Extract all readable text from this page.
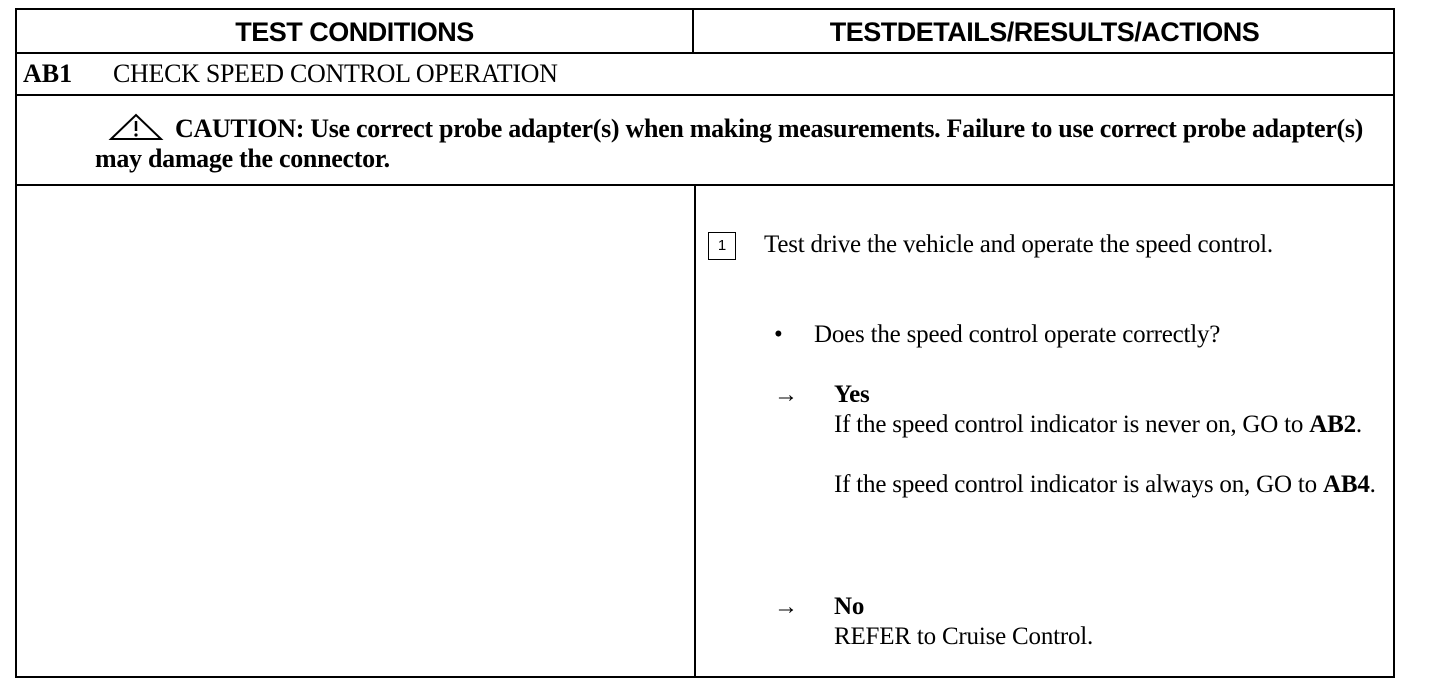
TEST CONDITIONS	TESTDETAILS/RESULTS/ACTIONS
AB1 CHECK SPEED CONTROL OPERATION
CAUTION: Use correct probe adapter(s) when making measurements. Failure to use correct probe adapter(s) may damage the connector.
1	Test drive the vehicle and operate the speed control.
• Does the speed control operate correctly?
→ Yes

If the speed control indicator is never on, GO to AB2.

If the speed control indicator is always on, GO to AB4.

→ No

REFER to Cruise Control.
